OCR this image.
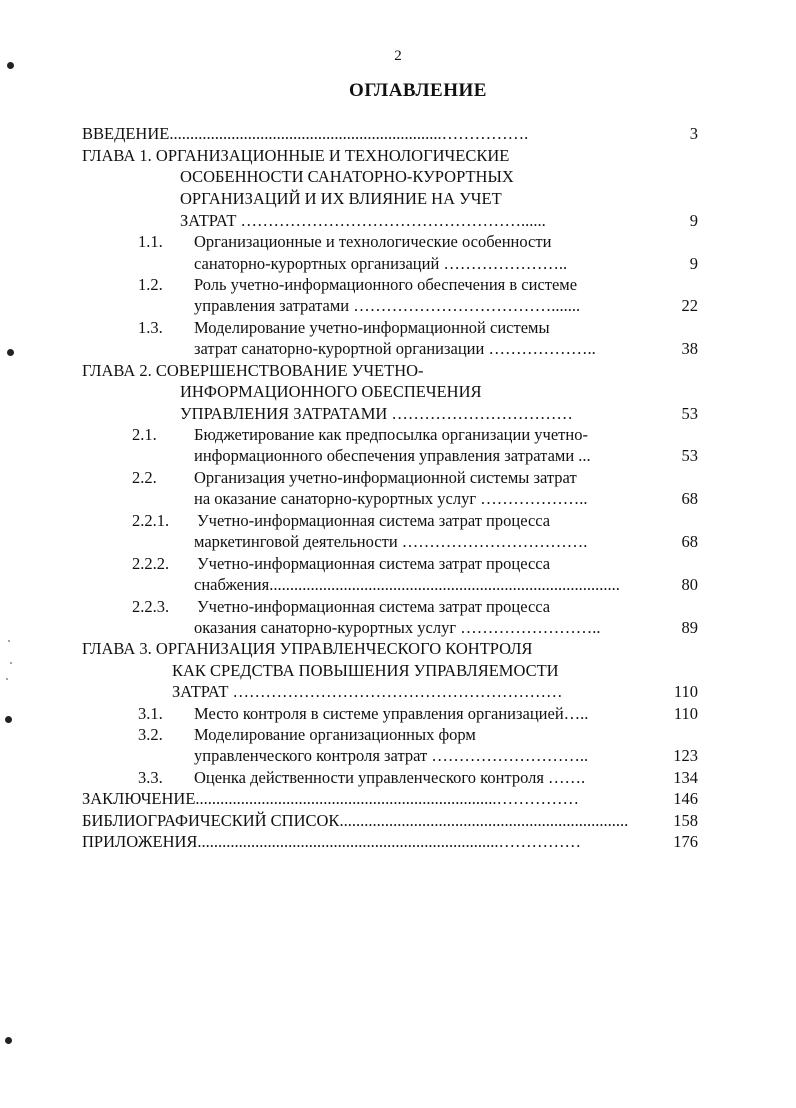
2
ОГЛАВЛЕНИЕ
ВВЕДЕНИЕ..................................................................…………….	3
ГЛАВА 1. ОРГАНИЗАЦИОННЫЕ И ТЕХНОЛОГИЧЕСКИЕ
ОСОБЕННОСТИ САНАТОРНО-КУРОРТНЫХ
ОРГАНИЗАЦИЙ И ИХ ВЛИЯНИЕ НА УЧЕТ
ЗАТРАТ ……………………………………………......	9
1.1. Организационные и технологические особенности
санаторно-курортных организаций …………………..	9
1.2. Роль учетно-информационного обеспечения в системе
управления затратами ……………………………….......	22
1.3. Моделирование учетно-информационной системы
затрат санаторно-курортной организации ………………..	38
ГЛАВА 2. СОВЕРШЕНСТВОВАНИЕ УЧЕТНО-
ИНФОРМАЦИОННОГО ОБЕСПЕЧЕНИЯ
УПРАВЛЕНИЯ ЗАТРАТАМИ ……………………………	53
2.1. Бюджетирование как предпосылка организации учетно-
информационного обеспечения управления затратами ...	53
2.2. Организация учетно-информационной системы затрат
на оказание санаторно-курортных услуг ………………..	68
2.2.1. Учетно-информационная система затрат процесса
маркетинговой деятельности …………………………….	68
2.2.2. Учетно-информационная система затрат процесса
снабжения.....................................................................................	80
2.2.3. Учетно-информационная система затрат процесса
оказания санаторно-курортных услуг ……………………..	89
ГЛАВА 3. ОРГАНИЗАЦИЯ УПРАВЛЕНЧЕСКОГО КОНТРОЛЯ
КАК СРЕДСТВА ПОВЫШЕНИЯ УПРАВЛЯЕМОСТИ
ЗАТРАТ ……………………………………………………	110
3.1. Место контроля в системе управления организацией…..	110
3.2. Моделирование организационных форм
управленческого контроля затрат ………………………..	123
3.3. Оценка действенности управленческого контроля …….	134
ЗАКЛЮЧЕНИЕ.........................................................................……………	146
БИБЛИОГРАФИЧЕСКИЙ СПИСОК......................................................................	158
ПРИЛОЖЕНИЯ.........................................................................……………	176
